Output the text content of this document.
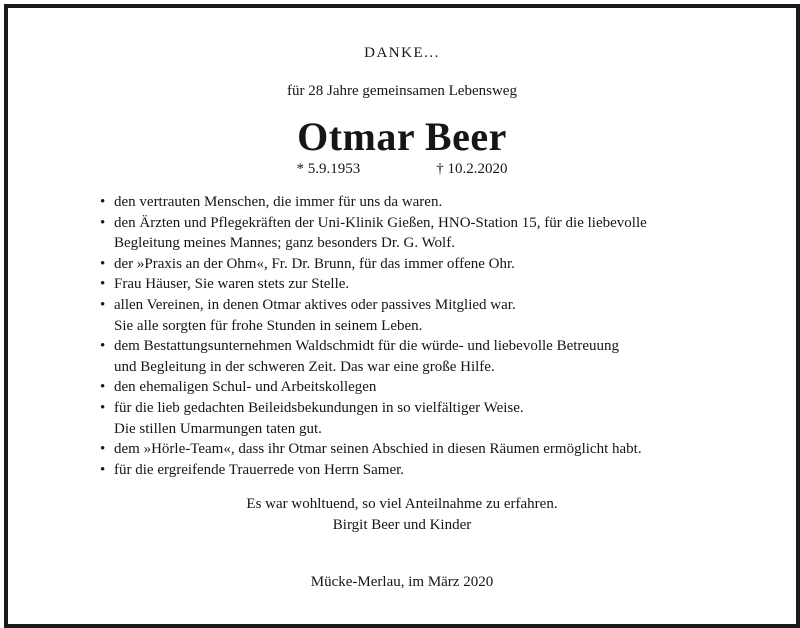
DANKE...
für 28 Jahre gemeinsamen Lebensweg
Otmar Beer
* 5.9.1953	† 10.2.2020
• den vertrauten Menschen, die immer für uns da waren.
• den Ärzten und Pflegekräften der Uni-Klinik Gießen, HNO-Station 15, für die liebevolle
Begleitung meines Mannes; ganz besonders Dr. G. Wolf.
• der »Praxis an der Ohm«, Fr. Dr. Brunn, für das immer offene Ohr.
• Frau Häuser, Sie waren stets zur Stelle.
• allen Vereinen, in denen Otmar aktives oder passives Mitglied war.
Sie alle sorgten für frohe Stunden in seinem Leben.
• dem Bestattungsunternehmen Waldschmidt für die würde- und liebevolle Betreuung
und Begleitung in der schweren Zeit. Das war eine große Hilfe.
• den ehemaligen Schul- und Arbeitskollegen
• für die lieb gedachten Beileidsbekundungen in so vielfältiger Weise.
Die stillen Umarmungen taten gut.
• dem »Hörle-Team«, dass ihr Otmar seinen Abschied in diesen Räumen ermöglicht habt.
• für die ergreifende Trauerrede von Herrn Samer.
Es war wohltuend, so viel Anteilnahme zu erfahren.
Birgit Beer und Kinder
Mücke-Merlau, im März 2020
